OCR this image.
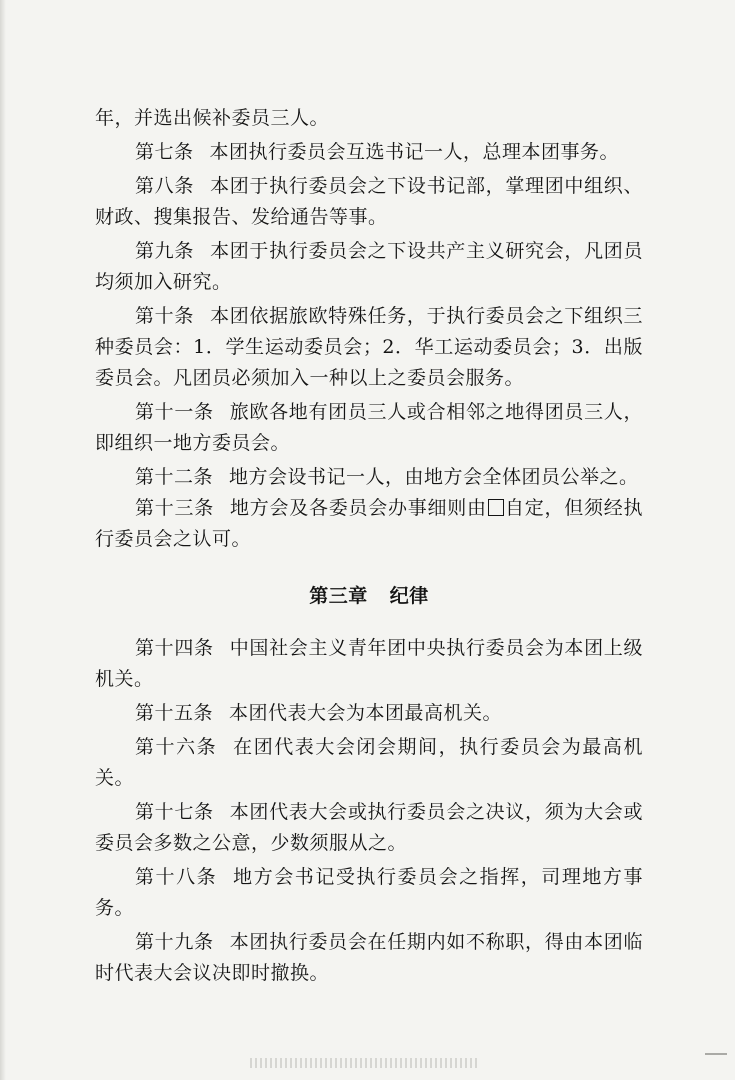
年，并选出候补委员三人。

第七条 本团执行委员会互选书记一人，总理本团事务。

第八条 本团于执行委员会之下设书记部，掌理团中组织、财政、搜集报告、发给通告等事。

第九条 本团于执行委员会之下设共产主义研究会，凡团员均须加入研究。

第十条 本团依据旅欧特殊任务，于执行委员会之下组织三种委员会：1．学生运动委员会；2．华工运动委员会；3．出版委员会。凡团员必须加入一种以上之委员会服务。

第十一条 旅欧各地有团员三人或合相邻之地得团员三人，即组织一地方委员会。

第十二条 地方会设书记一人，由地方会全体团员公举之。

第十三条 地方会及各委员会办事细则由 自定，但须经执行委员会之认可。

第三章 纪律

第十四条 中国社会主义青年团中央执行委员会为本团上级机关。

第十五条 本团代表大会为本团最高机关。

第十六条 在团代表大会闭会期间，执行委员会为最高机关。

第十七条 本团代表大会或执行委员会之决议，须为大会或委员会多数之公意，少数须服从之。

第十八条 地方会书记受执行委员会之指挥，司理地方事务。

第十九条 本团执行委员会在任期内如不称职，得由本团临时代表大会议决即时撤换。
